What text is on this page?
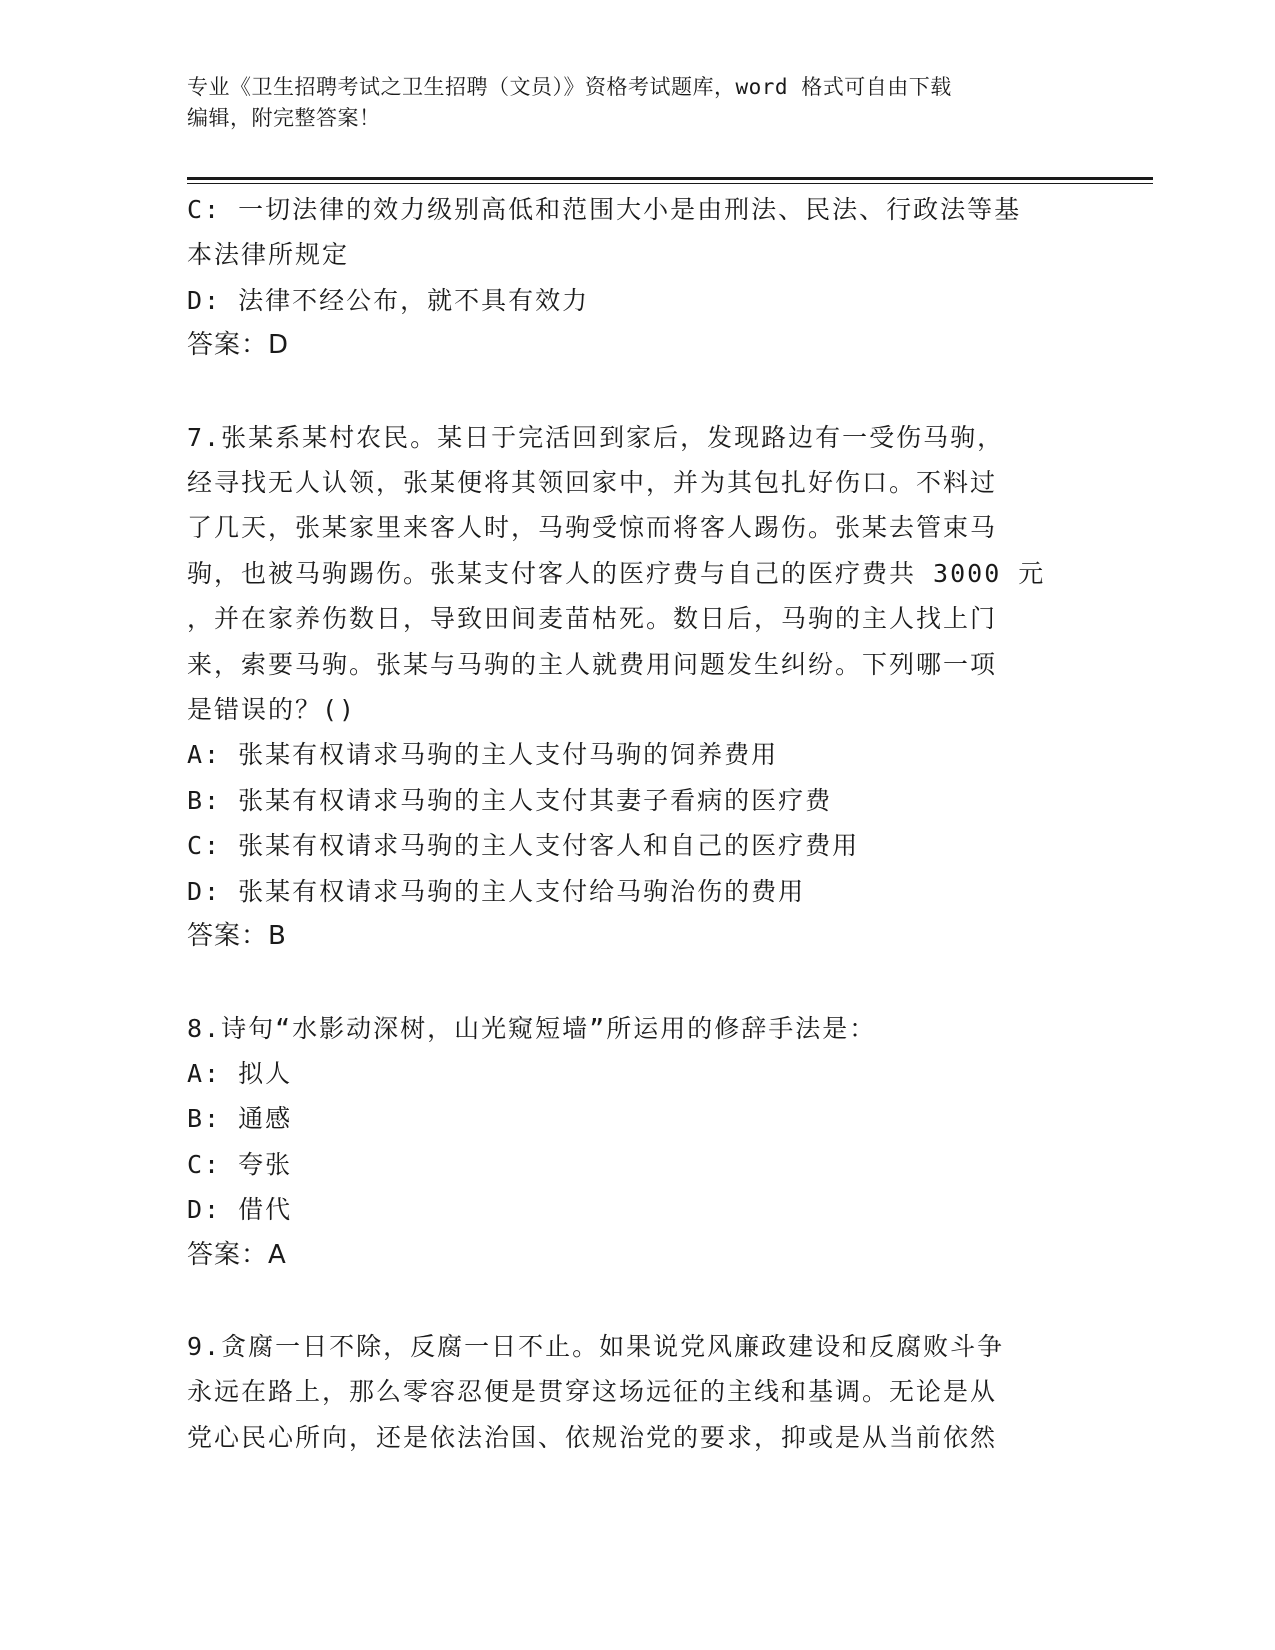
专业《卫生招聘考试之卫生招聘（文员）》资格考试题库，word 格式可自由下载
编辑，附完整答案！
C: 一切法律的效力级别高低和范围大小是由刑法、民法、行政法等基
本法律所规定
D: 法律不经公布，就不具有效力
答案：D
7.张某系某村农民。某日于完活回到家后，发现路边有一受伤马驹，
经寻找无人认领，张某便将其领回家中，并为其包扎好伤口。不料过
了几天，张某家里来客人时，马驹受惊而将客人踢伤。张某去管束马
驹，也被马驹踢伤。张某支付客人的医疗费与自己的医疗费共 3000 元
，并在家养伤数日，导致田间麦苗枯死。数日后，马驹的主人找上门
来，索要马驹。张某与马驹的主人就费用问题发生纠纷。下列哪一项
是错误的？()
A: 张某有权请求马驹的主人支付马驹的饲养费用
B: 张某有权请求马驹的主人支付其妻子看病的医疗费
C: 张某有权请求马驹的主人支付客人和自己的医疗费用
D: 张某有权请求马驹的主人支付给马驹治伤的费用
答案：B
8.诗句“水影动深树，山光窥短墙”所运用的修辞手法是：
A: 拟人
B: 通感
C: 夸张
D: 借代
答案：A
9.贪腐一日不除，反腐一日不止。如果说党风廉政建设和反腐败斗争
永远在路上，那么零容忍便是贯穿这场远征的主线和基调。无论是从
党心民心所向，还是依法治国、依规治党的要求，抑或是从当前依然
